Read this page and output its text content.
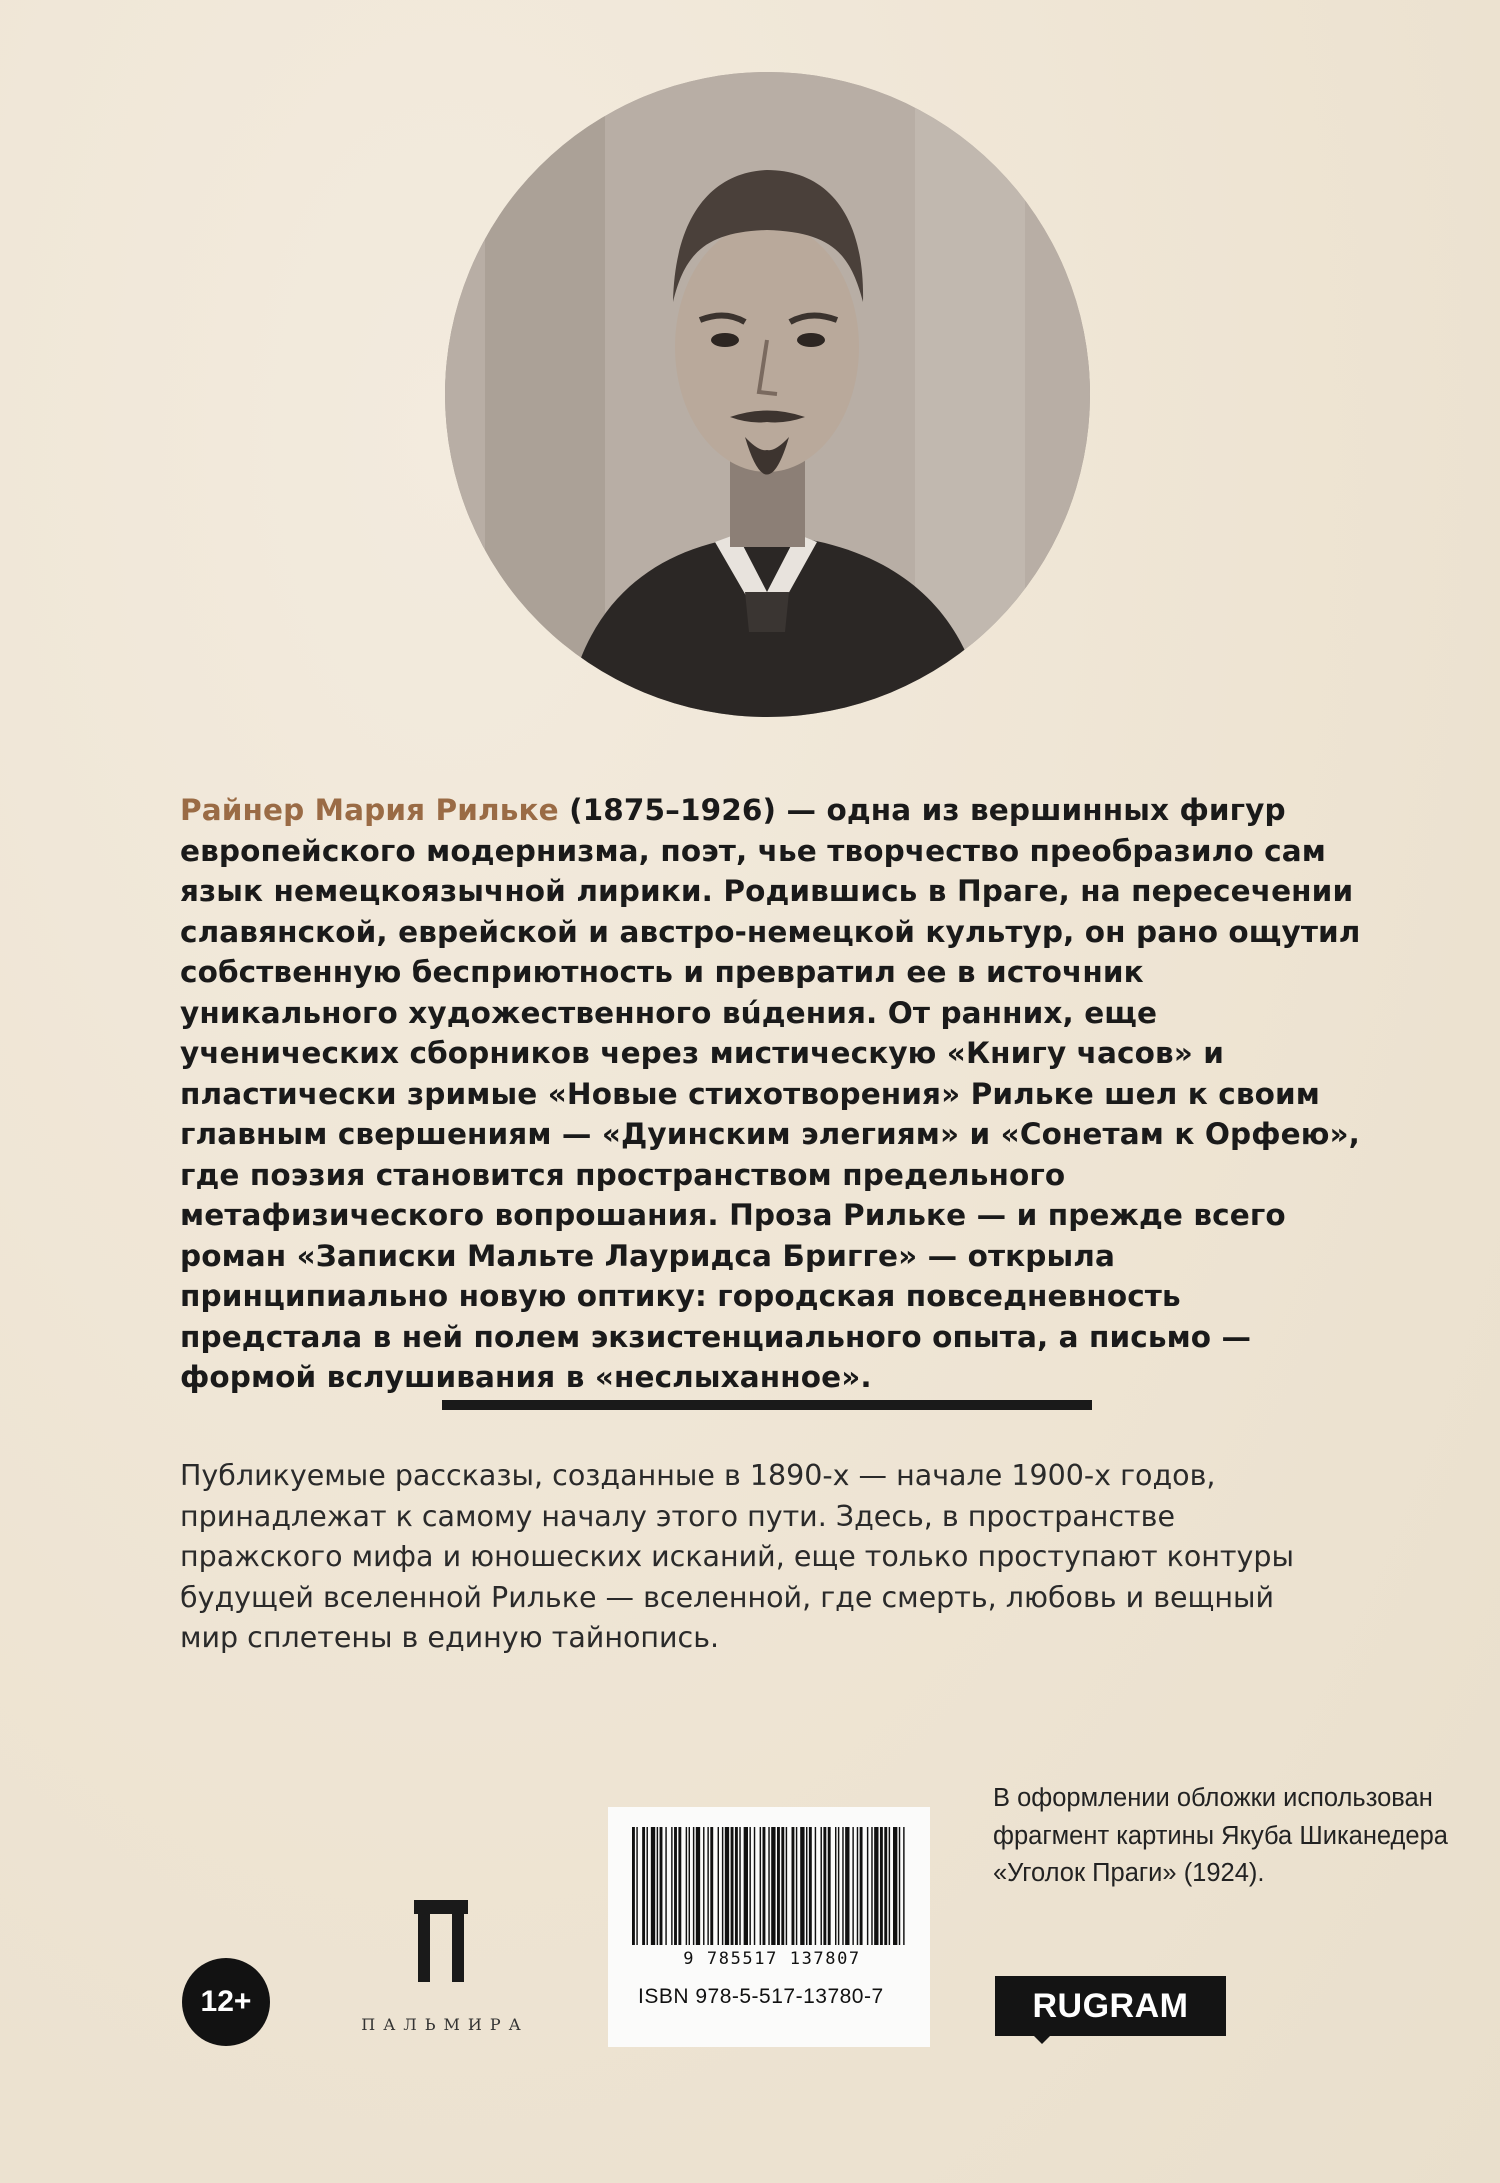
Райнер Мария Рильке (1875–1926) — одна из вершинных фигур европейского модернизма, поэт, чье творчество преобразило сам язык немецкоязычной лирики. Родившись в Праге, на пересечении славянской, еврейской и австро-немецкой культур, он рано ощутил собственную бесприютность и превратил ее в источник уникального художественного вúдения. От ранних, еще ученических сборников через мистическую «Книгу часов» и пластически зримые «Новые стихотворения» Рильке шел к своим главным свершениям — «Дуинским элегиям» и «Сонетам к Орфею», где поэзия становится пространством предельного метафизического вопрошания. Проза Рильке — и прежде всего роман «Записки Мальте Лауридса Бригге» — открыла принципиально новую оптику: городская повседневность предстала в ней полем экзистенциального опыта, а письмо — формой вслушивания в «неслыханное».

Публикуемые рассказы, созданные в 1890-х — начале 1900-х годов, принадлежат к самому началу этого пути. Здесь, в пространстве пражского мифа и юношеских исканий, еще только проступают контуры будущей вселенной Рильке — вселенной, где смерть, любовь и вещный мир сплетены в единую тайнопись.

В оформлении обложки использован фрагмент картины Якуба Шиканедера «Уголок Праги» (1924).

12+
ПАЛЬМИРА
9 785517 137807
ISBN 978-5-517-13780-7	RUGRAM
